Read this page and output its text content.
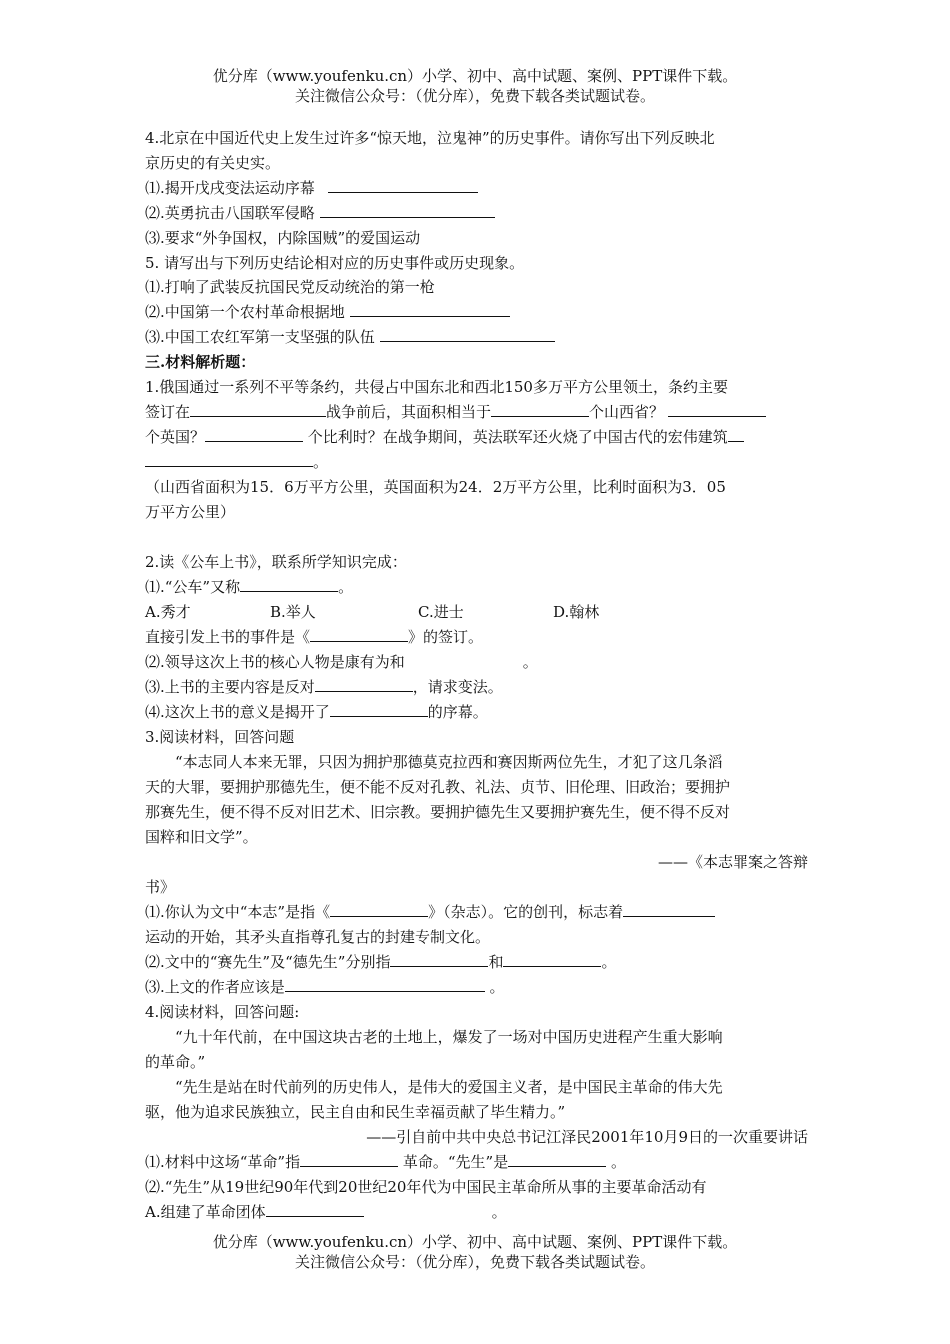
优分库（www.youfenku.cn）小学、初中、高中试题、案例、PPT课件下载。
关注微信公众号：（优分库），免费下载各类试题试卷。
4.北京在中国近代史上发生过许多“惊天地，泣鬼神”的历史事件。请你写出下列反映北
京历史的有关史实。
⑴.揭开戊戌变法运动序幕
⑵.英勇抗击八国联军侵略
⑶.要求“外争国权，内除国贼”的爱国运动
5. 请写出与下列历史结论相对应的历史事件或历史现象。
⑴.打响了武装反抗国民党反动统治的第一枪
⑵.中国第一个农村革命根据地
⑶.中国工农红军第一支坚强的队伍
三.材料解析题：
1.俄国通过一系列不平等条约，共侵占中国东北和西北150多万平方公里领土，条约主要
签订在	战争前后，其面积相当于	个山西省？
个英国？	个比利时？在战争期间，英法联军还火烧了中国古代的宏伟建筑
。
（山西省面积为15．6万平方公里，英国面积为24．2万平方公里，比利时面积为3．05
万平方公里）
2.读《公车上书》，联系所学知识完成：
⑴.“公车”又称	。
A.秀才	B.举人	C.进士	D.翰林
直接引发上书的事件是《	》的签订。
⑵.领导这次上书的核心人物是康有为和	。
⑶.上书的主要内容是反对	，请求变法。
⑷.这次上书的意义是揭开了	的序幕。
3.阅读材料，回答问题
“本志同人本来无罪，只因为拥护那德莫克拉西和赛因斯两位先生，才犯了这几条滔
天的大罪，要拥护那德先生，便不能不反对孔教、礼法、贞节、旧伦理、旧政治；要拥护
那赛先生，便不得不反对旧艺术、旧宗教。要拥护德先生又要拥护赛先生，便不得不反对
国粹和旧文学”。
——《本志罪案之答辩
书》
⑴.你认为文中“本志”是指《	》（杂志）。它的创刊，标志着
运动的开始，其矛头直指尊孔复古的封建专制文化。
⑵.文中的“赛先生”及“德先生”分别指	和	。
⑶.上文的作者应该是	。
4.阅读材料，回答问题:
“九十年代前，在中国这块古老的土地上，爆发了一场对中国历史进程产生重大影响
的革命。”
“先生是站在时代前列的历史伟人，是伟大的爱国主义者，是中国民主革命的伟大先
驱，他为追求民族独立，民主自由和民生幸福贡献了毕生精力。”
——引自前中共中央总书记江泽民2001年10月9日的一次重要讲话
⑴.材料中这场“革命”指	革命。“先生”是	。
⑵.“先生”从19世纪90年代到20世纪20年代为中国民主革命所从事的主要革命活动有
A.组建了革命团体	。
优分库（www.youfenku.cn）小学、初中、高中试题、案例、PPT课件下载。
关注微信公众号：（优分库），免费下载各类试题试卷。
